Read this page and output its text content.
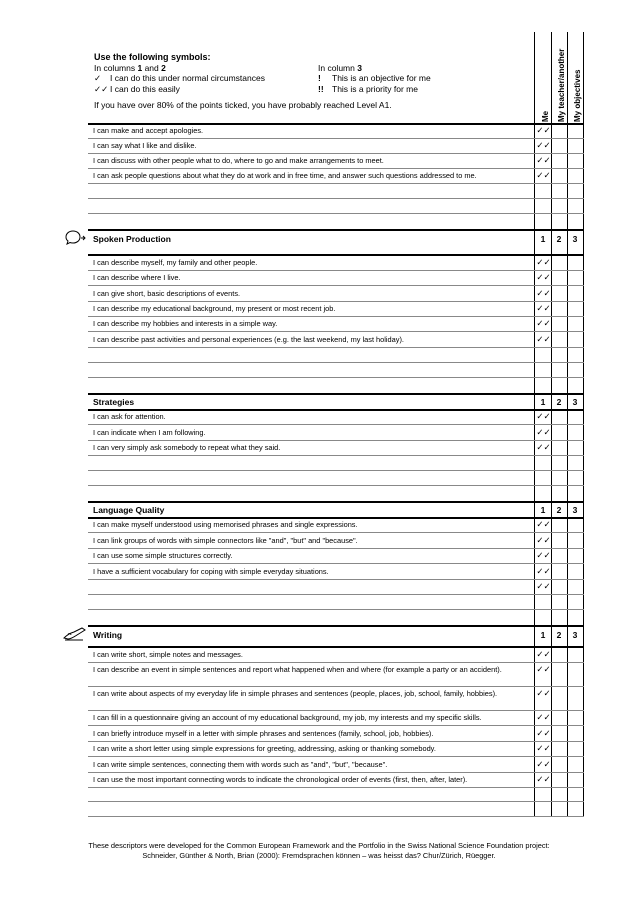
Use the following symbols:
In columns 1 and 2	In column 3
✓ I can do this under normal circumstances	! This is an objective for me
✓✓ I can do this easily	!! This is a priority for me
If you have over 80% of the points ticked, you have probably reached Level A1.
Me My teacher/another My objectives
I can make and accept apologies.	✓✓
I can say what I like and dislike.	✓✓
I can discuss with other people what to do, where to go and make arrangements to meet.	✓✓
I can ask people questions about what they do at work and in free time, and answer such questions addressed to me.	✓✓
Spoken Production	1	2	3
I can describe myself, my family and other people.	✓✓
I can describe where I live.	✓✓
I can give short, basic descriptions of events.	✓✓
I can describe my educational background, my present or most recent job.	✓✓
I can describe my hobbies and interests in a simple way.	✓✓
I can describe past activities and personal experiences (e.g. the last weekend, my last holiday).	✓✓
Strategies	1	2	3
I can ask for attention.	✓✓
I can indicate when I am following.	✓✓
I can very simply ask somebody to repeat what they said.	✓✓
Language Quality	1	2	3
I can make myself understood using memorised phrases and single expressions.	✓✓
I can link groups of words with simple connectors like "and", "but" and "because".	✓✓
I can use some simple structures correctly.	✓✓
I have a sufficient vocabulary for coping with simple everyday situations.	✓✓
✓✓
Writing	1	2	3
I can write short, simple notes and messages.	✓✓
I can describe an event in simple sentences and report what happened when and where (for example a party or an accident).	✓✓
I can write about aspects of my everyday life in simple phrases and sentences (people, places, job, school, family, hobbies).	✓✓
I can fill in a questionnaire giving an account of my educational background, my job, my interests and my specific skills.	✓✓
I can briefly introduce myself in a letter with simple phrases and sentences (family, school, job, hobbies).	✓✓
I can write a short letter using simple expressions for greeting, addressing, asking or thanking somebody.	✓✓
I can write simple sentences, connecting them with words such as "and", "but", "because".	✓✓
I can use the most important connecting words to indicate the chronological order of events (first, then, after, later).	✓✓
These descriptors were developed for the Common European Framework and the Portfolio in the Swiss National Science Foundation project:
Schneider, Günther & North, Brian (2000): Fremdsprachen können – was heisst das? Chur/Zürich, Rüegger.
